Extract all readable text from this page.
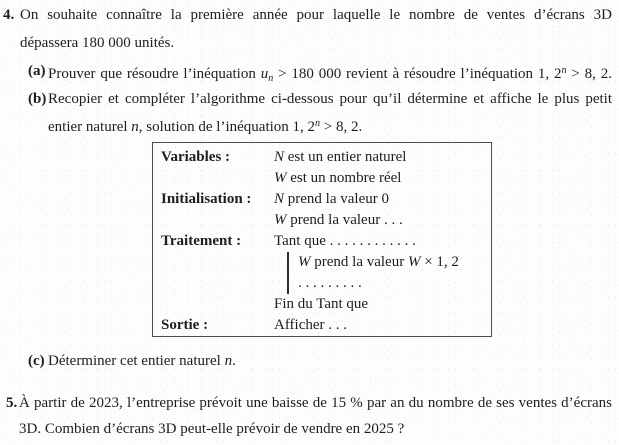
4. On souhaite connaître la première année pour laquelle le nombre de ventes d’écrans 3D
dépassera 180 000 unités.
(a) Prouver que résoudre l’inéquation $u_n > 180$ 000 revient à résoudre l’inéquation 1, $2^n > 8$, 2.
(b) Recopier et compléter l’algorithme ci-dessous pour qu’il détermine et affiche le plus petit
entier naturel n, solution de l’inéquation 1, $2^n > 8$, 2.
Variables :	N est un entier naturel
W est un nombre réel
Initialisation :	N prend la valeur 0
W prend la valeur . . .
Traitement :	Tant que . . . . . . . . . . . .
W prend la valeur W × 1, 2
. . . . . . . . .
Fin du Tant que
Sortie :	Afficher . . .
(c) Déterminer cet entier naturel n.
5. À partir de 2023, l’entreprise prévoit une baisse de 15 % par an du nombre de ses ventes d’écrans
3D. Combien d’écrans 3D peut-elle prévoir de vendre en 2025 ?
